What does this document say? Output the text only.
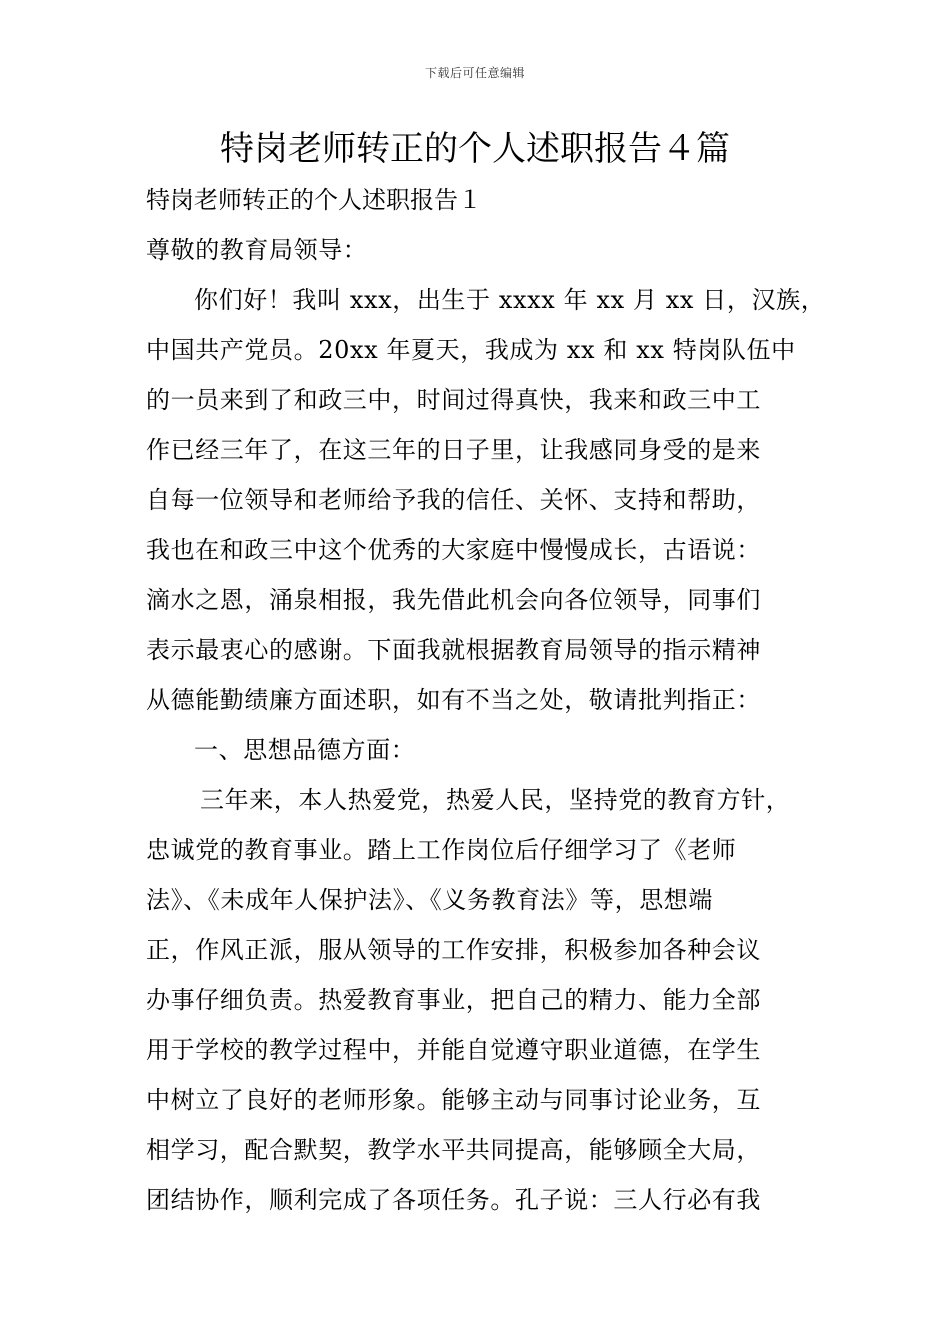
下载后可任意编辑
特岗老师转正的个人述职报告４篇
特岗老师转正的个人述职报告１
尊敬的教育局领导：
你们好！我叫 xxx，出生于 xxxx 年 xx 月 xx 日，汉族，
中国共产党员。20xx 年夏天，我成为 xx 和 xx 特岗队伍中
的一员来到了和政三中，时间过得真快，我来和政三中工
作已经三年了，在这三年的日子里，让我感同身受的是来
自每一位领导和老师给予我的信任、关怀、支持和帮助，
我也在和政三中这个优秀的大家庭中慢慢成长，古语说：
滴水之恩，涌泉相报，我先借此机会向各位领导，同事们
表示最衷心的感谢。下面我就根据教育局领导的指示精神
从德能勤绩廉方面述职，如有不当之处，敬请批判指正：
一、思想品德方面：
三年来，本人热爱党，热爱人民，坚持党的教育方针，
忠诚党的教育事业。踏上工作岗位后仔细学习了《老师
法》、《未成年人保护法》、《义务教育法》等，思想端
正，作风正派，服从领导的工作安排，积极参加各种会议
办事仔细负责。热爱教育事业，把自己的精力、能力全部
用于学校的教学过程中，并能自觉遵守职业道德，在学生
中树立了良好的老师形象。能够主动与同事讨论业务，互
相学习，配合默契，教学水平共同提高，能够顾全大局，
团结协作，顺利完成了各项任务。孔子说：三人行必有我
